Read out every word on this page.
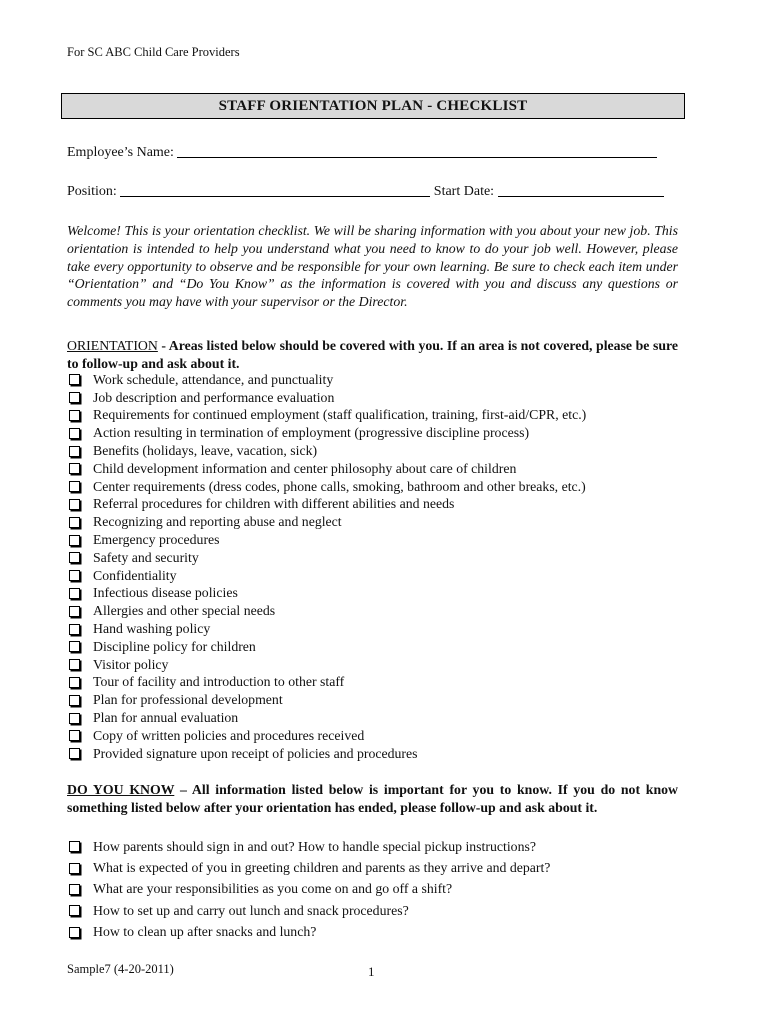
For SC ABC Child Care Providers
STAFF ORIENTATION PLAN - CHECKLIST
Employee’s Name:
Position:	Start Date:
Welcome! This is your orientation checklist. We will be sharing information with you about your new job. This orientation is intended to help you understand what you need to know to do your job well. However, please take every opportunity to observe and be responsible for your own learning. Be sure to check each item under “Orientation” and “Do You Know” as the information is covered with you and discuss any questions or comments you may have with your supervisor or the Director.
ORIENTATION - Areas listed below should be covered with you. If an area is not covered, please be sure to follow-up and ask about it.
Work schedule, attendance, and punctuality
Job description and performance evaluation
Requirements for continued employment (staff qualification, training, first-aid/CPR, etc.)
Action resulting in termination of employment (progressive discipline process)
Benefits (holidays, leave, vacation, sick)
Child development information and center philosophy about care of children
Center requirements (dress codes, phone calls, smoking, bathroom and other breaks, etc.)
Referral procedures for children with different abilities and needs
Recognizing and reporting abuse and neglect
Emergency procedures
Safety and security
Confidentiality
Infectious disease policies
Allergies and other special needs
Hand washing policy
Discipline policy for children
Visitor policy
Tour of facility and introduction to other staff
Plan for professional development
Plan for annual evaluation
Copy of written policies and procedures received
Provided signature upon receipt of policies and procedures
DO YOU KNOW – All information listed below is important for you to know. If you do not know something listed below after your orientation has ended, please follow-up and ask about it.
How parents should sign in and out? How to handle special pickup instructions?
What is expected of you in greeting children and parents as they arrive and depart?
What are your responsibilities as you come on and go off a shift?
How to set up and carry out lunch and snack procedures?
How to clean up after snacks and lunch?
Sample7 (4-20-2011)	1
